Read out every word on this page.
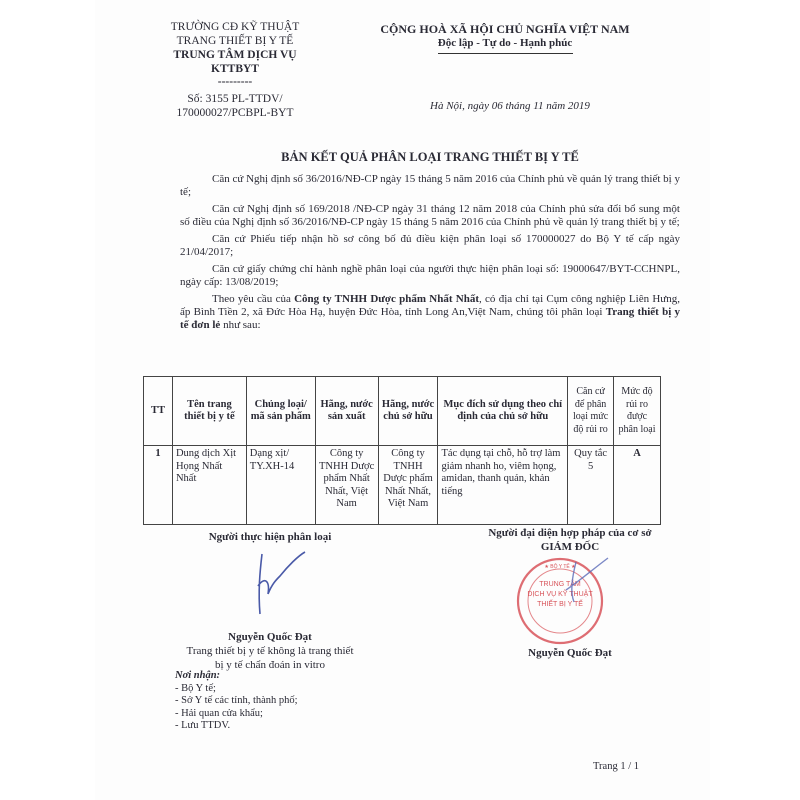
TRƯỜNG CĐ KỸ THUẬT
TRANG THIẾT BỊ Y TẾ
TRUNG TÂM DỊCH VỤ
KTTBYT
---------
Số: 3155 PL-TTDV/
170000027/PCBPL-BYT
CỘNG HOÀ XÃ HỘI CHỦ NGHĨA VIỆT NAM
Độc lập - Tự do - Hạnh phúc
Hà Nội, ngày 06 tháng 11 năm 2019
BẢN KẾT QUẢ PHÂN LOẠI TRANG THIẾT BỊ Y TẾ
Căn cứ Nghị định số 36/2016/NĐ-CP ngày 15 tháng 5 năm 2016 của Chính phủ về quản lý trang thiết bị y tế;
Căn cứ Nghị định số 169/2018 /NĐ-CP ngày 31 tháng 12 năm 2018 của Chính phủ sửa đổi bổ sung một số điều của Nghị định số 36/2016/NĐ-CP ngày 15 tháng 5 năm 2016 của Chính phủ về quản lý trang thiết bị y tế;
Căn cứ Phiếu tiếp nhận hồ sơ công bố đủ điều kiện phân loại số 170000027 do Bộ Y tế cấp ngày 21/04/2017;
Căn cứ giấy chứng chỉ hành nghề phân loại của người thực hiện phân loại số: 19000647/BYT-CCHNPL, ngày cấp: 13/08/2019;
Theo yêu cầu của Công ty TNHH Dược phẩm Nhất Nhất, có địa chỉ tại Cụm công nghiệp Liên Hưng, ấp Bình Tiền 2, xã Đức Hòa Hạ, huyện Đức Hòa, tỉnh Long An,Việt Nam, chúng tôi phân loại Trang thiết bị y tế đơn lẻ như sau:
TT	Tên trang thiết bị y tế	Chủng loại/ mã sản phẩm	Hãng, nước sản xuất	Hãng, nước chủ sở hữu	Mục đích sử dụng theo chỉ định của chủ sở hữu	Căn cứ để phân loại mức độ rủi ro	Mức độ rủi ro được phân loại
1	Dung dịch Xịt Họng Nhất Nhất	Dạng xịt/ TY.XH-14	Công ty TNHH Dược phẩm Nhất Nhất, Việt Nam	Công ty TNHH Dược phẩm Nhất Nhất, Việt Nam	Tác dụng tại chỗ, hỗ trợ làm giảm nhanh ho, viêm họng, amidan, thanh quản, khản tiếng	Quy tắc 5	A
Người thực hiện phân loại
Nguyễn Quốc Đạt
Trang thiết bị y tế không là trang thiết bị y tế chẩn đoán in vitro
Người đại diện hợp pháp của cơ sở
GIÁM ĐỐC
★ BỘ Y TẾ ★
TRUNG TÂM
DỊCH VỤ KỸ THUẬT
THIẾT BỊ Y TẾ
Nguyễn Quốc Đạt
Nơi nhận:
- Bộ Y tế;
- Sở Y tế các tỉnh, thành phố;
- Hải quan cửa khẩu;
- Lưu TTDV.
Trang 1 / 1
